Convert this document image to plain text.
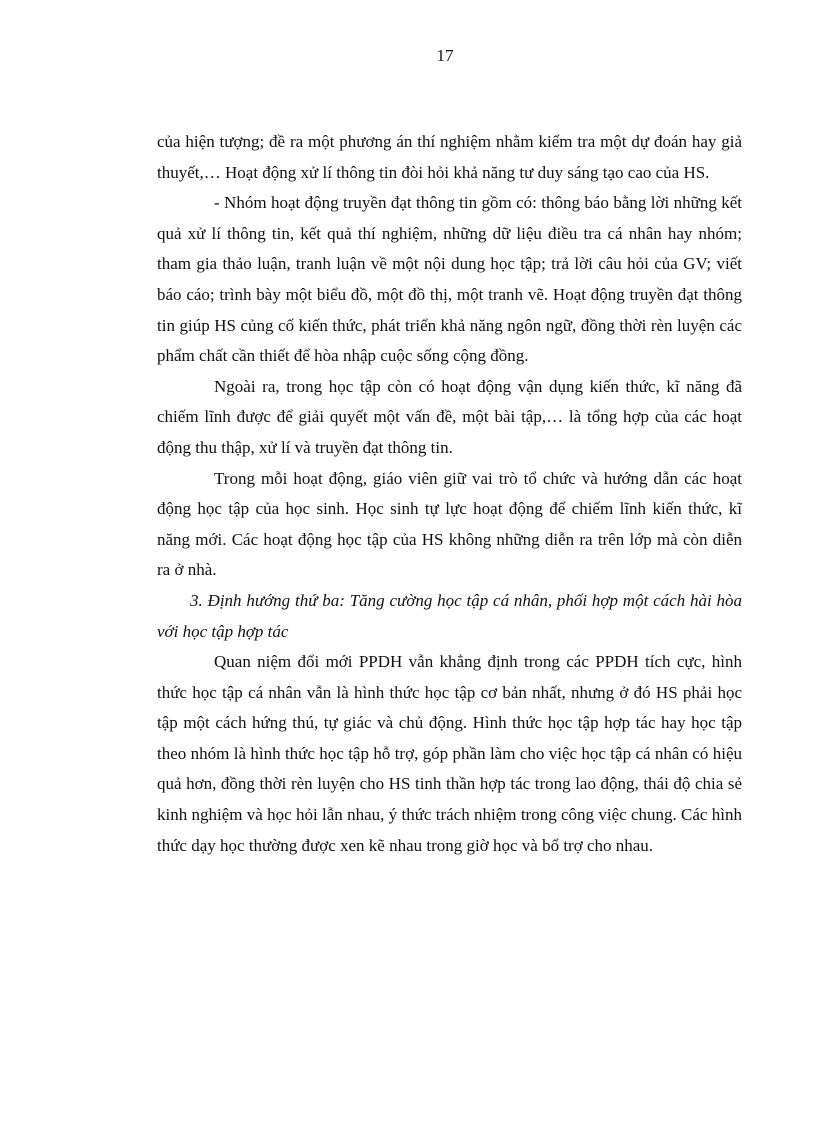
17

của hiện tượng; đề ra một phương án thí nghiệm nhằm kiểm tra một dự đoán hay giả thuyết,… Hoạt động xử lí thông tin đòi hỏi khả năng tư duy sáng tạo cao của HS.

- Nhóm hoạt động truyền đạt thông tin gồm có: thông báo bằng lời những kết quả xử lí thông tin, kết quả thí nghiệm, những dữ liệu điều tra cá nhân hay nhóm; tham gia thảo luận, tranh luận về một nội dung học tập; trả lời câu hỏi của GV; viết báo cáo; trình bày một biểu đồ, một đồ thị, một tranh vẽ. Hoạt động truyền đạt thông tin giúp HS củng cố kiến thức, phát triển khả năng ngôn ngữ, đồng thời rèn luyện các phẩm chất cần thiết để hòa nhập cuộc sống cộng đồng.

Ngoài ra, trong học tập còn có hoạt động vận dụng kiến thức, kĩ năng đã chiếm lĩnh được để giải quyết một vấn đề, một bài tập,… là tổng hợp của các hoạt động thu thập, xử lí và truyền đạt thông tin.

Trong mỗi hoạt động, giáo viên giữ vai trò tổ chức và hướng dẫn các hoạt động học tập của học sinh. Học sinh tự lực hoạt động để chiếm lĩnh kiến thức, kĩ năng mới. Các hoạt động học tập của HS không những diễn ra trên lớp mà còn diễn ra ở nhà.

3. Định hướng thứ ba: Tăng cường học tập cá nhân, phối hợp một cách hài hòa với học tập hợp tác

Quan niệm đổi mới PPDH vẫn khẳng định trong các PPDH tích cực, hình thức học tập cá nhân vẫn là hình thức học tập cơ bản nhất, nhưng ở đó HS phải học tập một cách hứng thú, tự giác và chủ động. Hình thức học tập hợp tác hay học tập theo nhóm là hình thức học tập hỗ trợ, góp phần làm cho việc học tập cá nhân có hiệu quả hơn, đồng thời rèn luyện cho HS tinh thần hợp tác trong lao động, thái độ chia sẻ kinh nghiệm và học hỏi lẫn nhau, ý thức trách nhiệm trong công việc chung. Các hình thức dạy học thường được xen kẽ nhau trong giờ học và bổ trợ cho nhau.
